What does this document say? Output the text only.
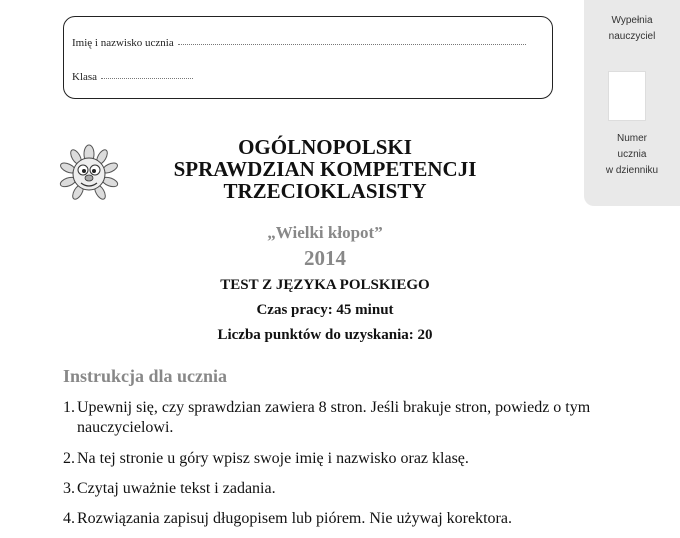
Imię i nazwisko ucznia
Klasa
Wypełnia
nauczyciel
Numer
ucznia
w dzienniku
OGÓLNOPOLSKI
SPRAWDZIAN KOMPETENCJI
TRZECIOKLASISTY
„Wielki kłopot”
2014
TEST Z JĘZYKA POLSKIEGO
Czas pracy: 45 minut
Liczba punktów do uzyskania: 20
Instrukcja dla ucznia
1. Upewnij się, czy sprawdzian zawiera 8 stron. Jeśli brakuje stron, powiedz o tym nauczycielowi.
2. Na tej stronie u góry wpisz swoje imię i nazwisko oraz klasę.
3. Czytaj uważnie tekst i zadania.
4. Rozwiązania zapisuj długopisem lub piórem. Nie używaj korektora.
